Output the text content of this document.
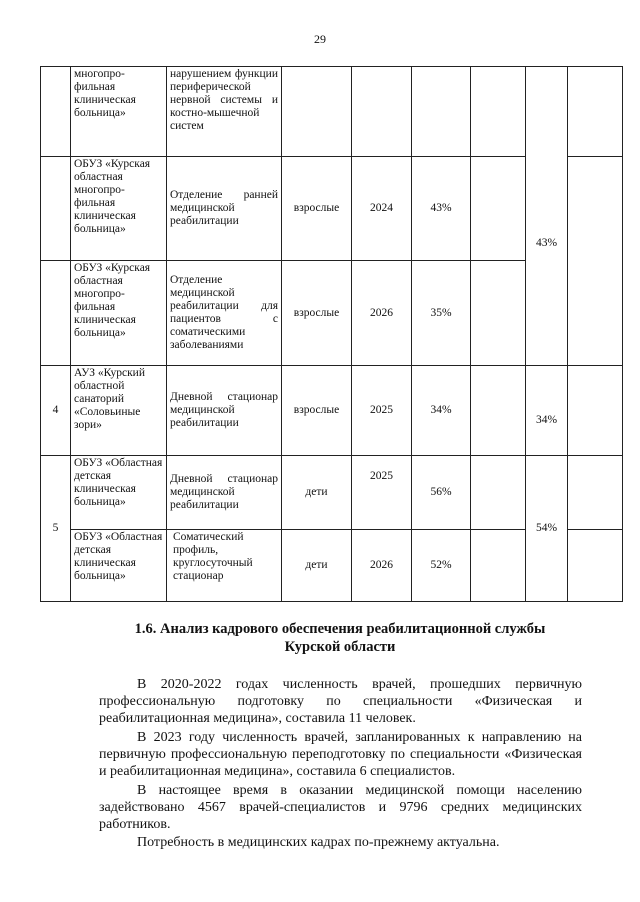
29
	многопро-фильная клиническая больница»	нарушением функции периферической нервной системы и костно-мышечной систем					43%	
	ОБУЗ «Курская областная многопро-фильная клиническая больница»	Отделение ранней медицинской реабилитации	взрослые	2024	43%			
	ОБУЗ «Курская областная многопро-фильная клиническая больница»	Отделение медицинской реабилитации для пациентов с соматическими заболеваниями	взрослые	2026	35%			
4	АУЗ «Курский областной санаторий «Соловьиные зори»	Дневной стационар медицинской реабилитации	взрослые	2025	34%		34%	
5	ОБУЗ «Областная детская клиническая больница»	Дневной стационар медицинской реабилитации	дети	2025	56%		54%	
	ОБУЗ «Областная детская клиническая больница»	Соматический профиль, круглосуточный стационар	дети	2026	52%			
1.6. Анализ кадрового обеспечения реабилитационной службы
Курской области

В 2020-2022 годах численность врачей, прошедших первичную профессиональную подготовку по специальности «Физическая и реабилитационная медицина», составила 11 человек.

В 2023 году численность врачей, запланированных к направлению на первичную профессиональную переподготовку по специальности «Физическая и реабилитационная медицина», составила 6 специалистов.

В настоящее время в оказании медицинской помощи населению задействовано 4567 врачей-специалистов и 9796 средних медицинских работников.

Потребность в медицинских кадрах по-прежнему актуальна.
